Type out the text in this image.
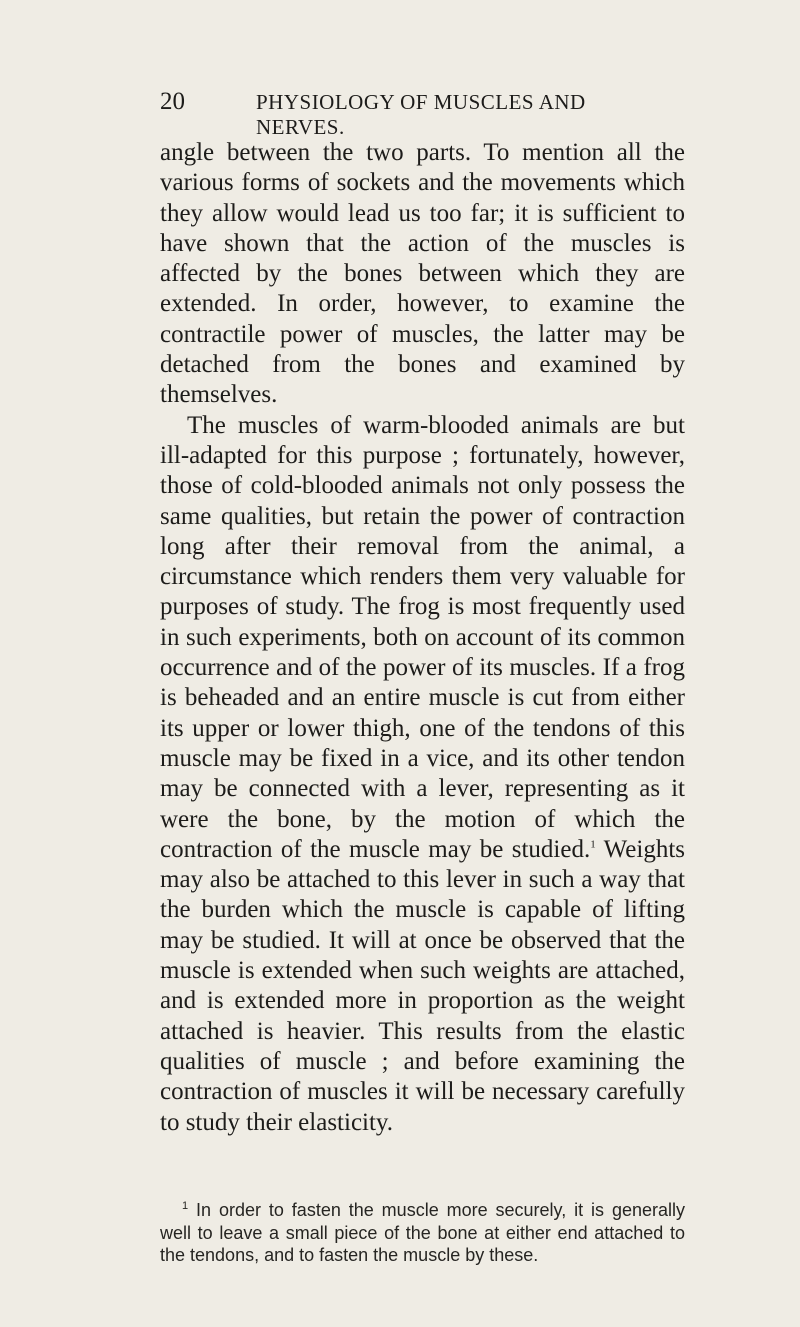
20	PHYSIOLOGY OF MUSCLES AND NERVES.

angle between the two parts. To mention all the various forms of sockets and the movements which they allow would lead us too far; it is sufficient to have shown that the action of the muscles is affected by the bones between which they are extended. In order, however, to examine the contractile power of muscles, the latter may be detached from the bones and examined by themselves.

The muscles of warm-blooded animals are but ill-adapted for this purpose ; fortunately, however, those of cold-blooded animals not only possess the same qualities, but retain the power of contraction long after their removal from the animal, a circumstance which renders them very valuable for purposes of study. The frog is most frequently used in such experiments, both on account of its common occurrence and of the power of its muscles. If a frog is beheaded and an entire muscle is cut from either its upper or lower thigh, one of the tendons of this muscle may be fixed in a vice, and its other tendon may be connected with a lever, representing as it were the bone, by the motion of which the contraction of the muscle may be studied.$^1$ Weights may also be attached to this lever in such a way that the burden which the muscle is capable of lifting may be studied. It will at once be observed that the muscle is extended when such weights are attached, and is extended more in proportion as the weight attached is heavier. This results from the elastic qualities of muscle ; and before examining the contraction of muscles it will be necessary carefully to study their elasticity.

$^1$ In order to fasten the muscle more securely, it is generally well to leave a small piece of the bone at either end attached to the tendons, and to fasten the muscle by these.
